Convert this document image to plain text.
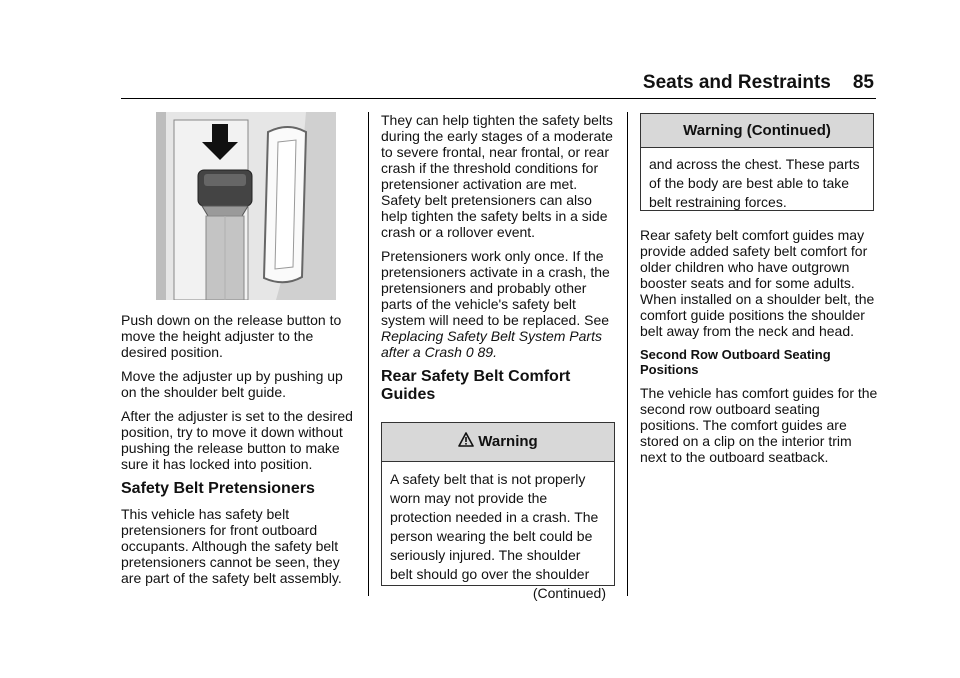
Seats and Restraints 85

Push down on the release button to move the height adjuster to the desired position.

Move the adjuster up by pushing up on the shoulder belt guide.

After the adjuster is set to the desired position, try to move it down without pushing the release button to make sure it has locked into position.

Safety Belt Pretensioners

This vehicle has safety belt pretensioners for front outboard occupants. Although the safety belt pretensioners cannot be seen, they are part of the safety belt assembly.

They can help tighten the safety belts during the early stages of a moderate to severe frontal, near frontal, or rear crash if the threshold conditions for pretensioner activation are met. Safety belt pretensioners can also help tighten the safety belts in a side crash or a rollover event.

Pretensioners work only once. If the pretensioners activate in a crash, the pretensioners and probably other parts of the vehicle's safety belt system will need to be replaced. See Replacing Safety Belt System Parts after a Crash 0 89.

Rear Safety Belt Comfort Guides
Warning
A safety belt that is not properly worn may not provide the protection needed in a crash. The person wearing the belt could be seriously injured. The shoulder belt should go over the shoulder
(Continued)
Warning (Continued)
and across the chest. These parts of the body are best able to take belt restraining forces.

Rear safety belt comfort guides may provide added safety belt comfort for older children who have outgrown booster seats and for some adults. When installed on a shoulder belt, the comfort guide positions the shoulder belt away from the neck and head.

Second Row Outboard Seating Positions

The vehicle has comfort guides for the second row outboard seating positions. The comfort guides are stored on a clip on the interior trim next to the outboard seatback.
